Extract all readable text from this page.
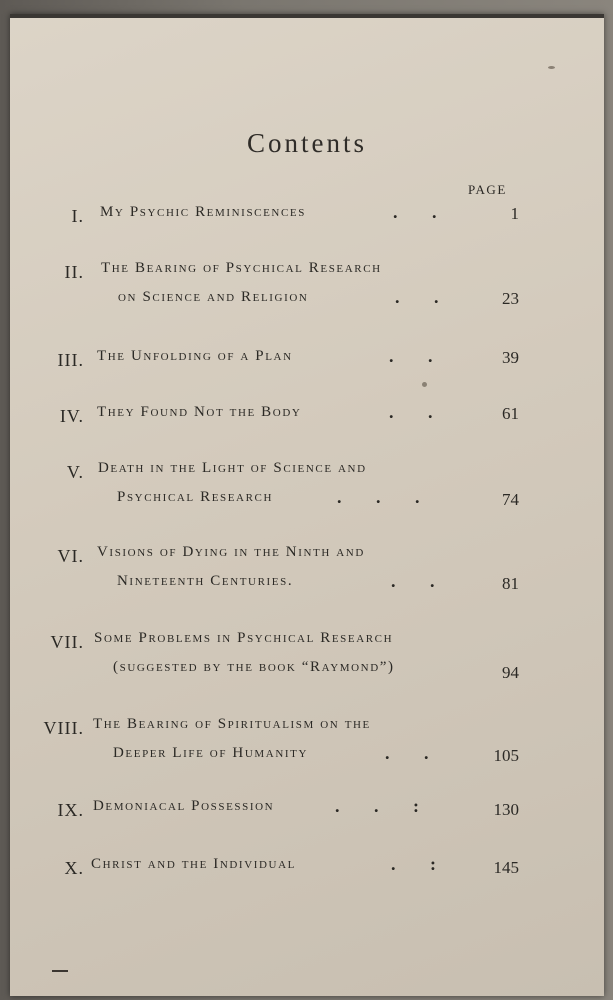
Contents
PAGE
I. My Psychic Reminiscences	. .	1
II. The Bearing of Psychical Research
on Science and Religion	. .	23
III. The Unfolding of a Plan	. .	39
IV. They Found Not the Body	. .	61
V. Death in the Light of Science and
Psychical Research	. . .	74
VI. Visions of Dying in the Ninth and
Nineteenth Centuries.	. .	81
VII. Some Problems in Psychical Research
(suggested by the book “Raymond”)	94
VIII. The Bearing of Spiritualism on the
Deeper Life of Humanity	. .	105
IX. Demoniacal Possession	. . :	130
X. Christ and the Individual	. :	145
